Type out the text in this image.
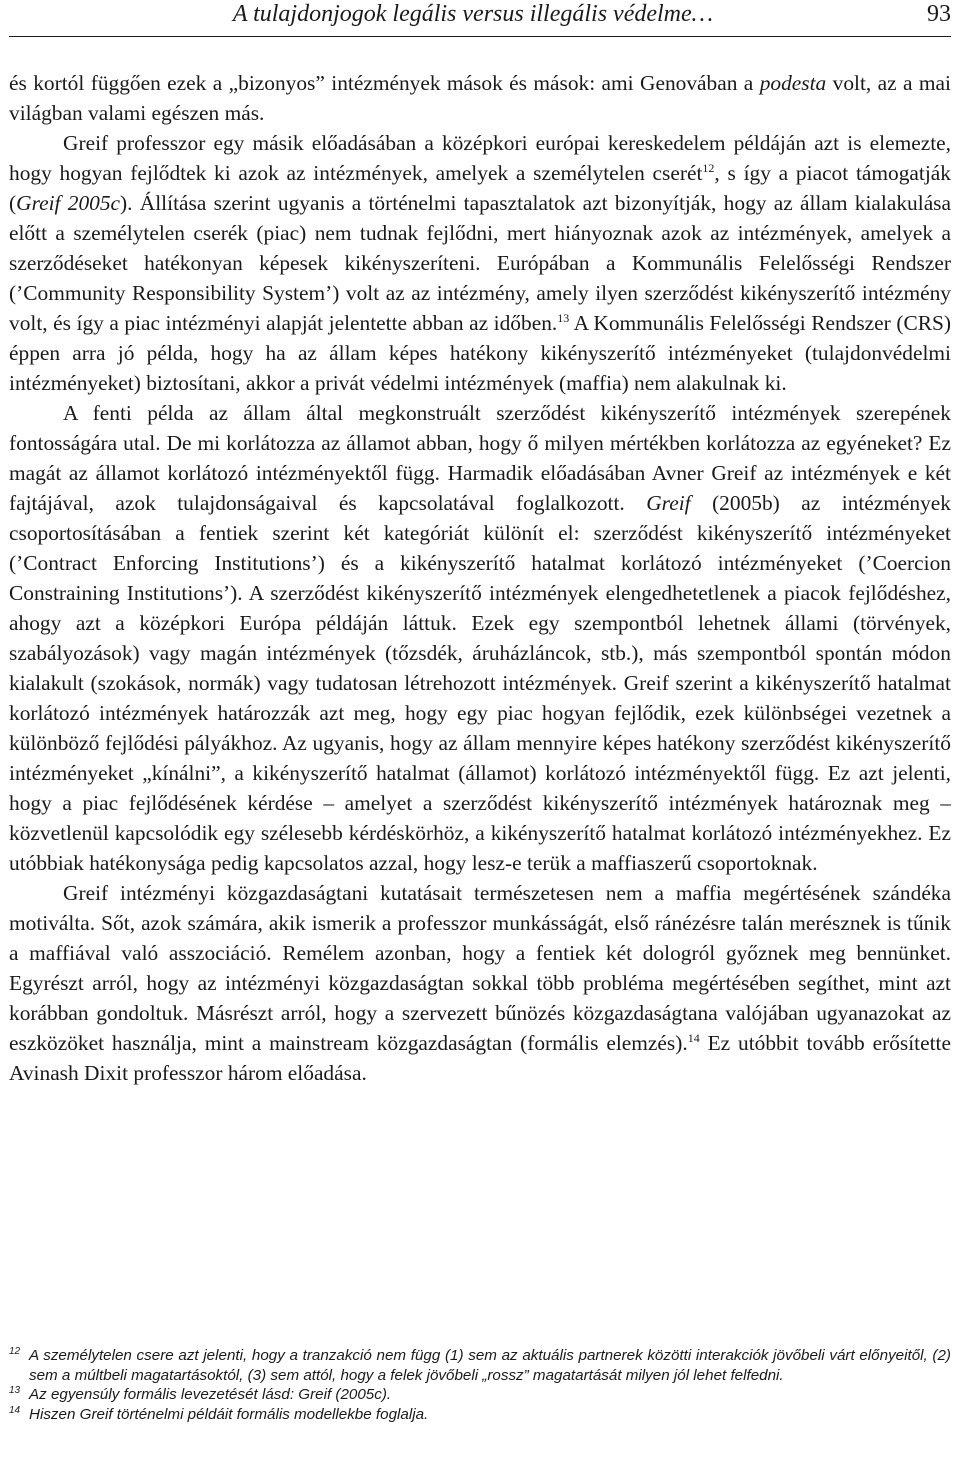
A tulajdonjogok legális versus illegális védelme…	93

és kortól függően ezek a „bizonyos” intézmények mások és mások: ami Genovában a podesta volt, az a mai világban valami egészen más.

Greif professzor egy másik előadásában a középkori európai kereskedelem példáján azt is elemezte, hogy hogyan fejlődtek ki azok az intézmények, amelyek a személytelen cserét$^{12}$, s így a piacot támogatják (Greif 2005c). Állítása szerint ugyanis a történelmi tapasztalatok azt bizonyítják, hogy az állam kialakulása előtt a személytelen cserék (piac) nem tudnak fejlődni, mert hiányoznak azok az intézmények, amelyek a szerződéseket hatékonyan képesek kikényszeríteni. Európában a Kommunális Felelősségi Rendszer (’Community Responsibility System’) volt az az intézmény, amely ilyen szerződést kikényszerítő intézmény volt, és így a piac intézményi alapját jelentette abban az időben.$^{13}$ A Kommunális Felelősségi Rendszer (CRS) éppen arra jó példa, hogy ha az állam képes hatékony kikényszerítő intézményeket (tulajdonvédelmi intézményeket) biztosítani, akkor a privát védelmi intézmények (maffia) nem alakulnak ki.

A fenti példa az állam által megkonstruált szerződést kikényszerítő intézmények szerepének fontosságára utal. De mi korlátozza az államot abban, hogy ő milyen mértékben korlátozza az egyéneket? Ez magát az államot korlátozó intézményektől függ. Harmadik előadásában Avner Greif az intézmények e két fajtájával, azok tulajdonságaival és kapcsolatával foglalkozott. Greif (2005b) az intézmények csoportosításában a fentiek szerint két kategóriát különít el: szerződést kikényszerítő intézményeket (’Contract Enforcing Institutions’) és a kikényszerítő hatalmat korlátozó intézményeket (’Coercion Constraining Institutions’). A szerződést kikényszerítő intézmények elengedhetetlenek a piacok fejlődéshez, ahogy azt a középkori Európa példáján láttuk. Ezek egy szempontból lehetnek állami (törvények, szabályozások) vagy magán intézmények (tőzsdék, áruházláncok, stb.), más szempontból spontán módon kialakult (szokások, normák) vagy tudatosan létrehozott intézmények. Greif szerint a kikényszerítő hatalmat korlátozó intézmények határozzák azt meg, hogy egy piac hogyan fejlődik, ezek különbségei vezetnek a különböző fejlődési pályákhoz. Az ugyanis, hogy az állam mennyire képes hatékony szerződést kikényszerítő intézményeket „kínálni”, a kikényszerítő hatalmat (államot) korlátozó intézményektől függ. Ez azt jelenti, hogy a piac fejlődésének kérdése – amelyet a szerződést kikényszerítő intézmények határoznak meg – közvetlenül kapcsolódik egy szélesebb kérdéskörhöz, a kikényszerítő hatalmat korlátozó intézményekhez. Ez utóbbiak hatékonysága pedig kapcsolatos azzal, hogy lesz-e terük a maffiaszerű csoportoknak.

Greif intézményi közgazdaságtani kutatásait természetesen nem a maffia megértésének szándéka motiválta. Sőt, azok számára, akik ismerik a professzor munkásságát, első ránézésre talán merésznek is tűnik a maffiával való asszociáció. Remélem azonban, hogy a fentiek két dologról győznek meg bennünket. Egyrészt arról, hogy az intézményi közgazdaságtan sokkal több probléma megértésében segíthet, mint azt korábban gondoltuk. Másrészt arról, hogy a szervezett bűnözés közgazdaságtana valójában ugyanazokat az eszközöket használja, mint a mainstream közgazdaságtan (formális elemzés).$^{14}$ Ez utóbbit tovább erősítette Avinash Dixit professzor három előadása.

12 A személytelen csere azt jelenti, hogy a tranzakció nem függ (1) sem az aktuális partnerek közötti interakciók jövőbeli várt előnyeitől, (2) sem a múltbeli magatartásoktól, (3) sem attól, hogy a felek jövőbeli „rossz” magatartását milyen jól lehet felfedni.

13 Az egyensúly formális levezetését lásd: Greif (2005c).

14 Hiszen Greif történelmi példáit formális modellekbe foglalja.
